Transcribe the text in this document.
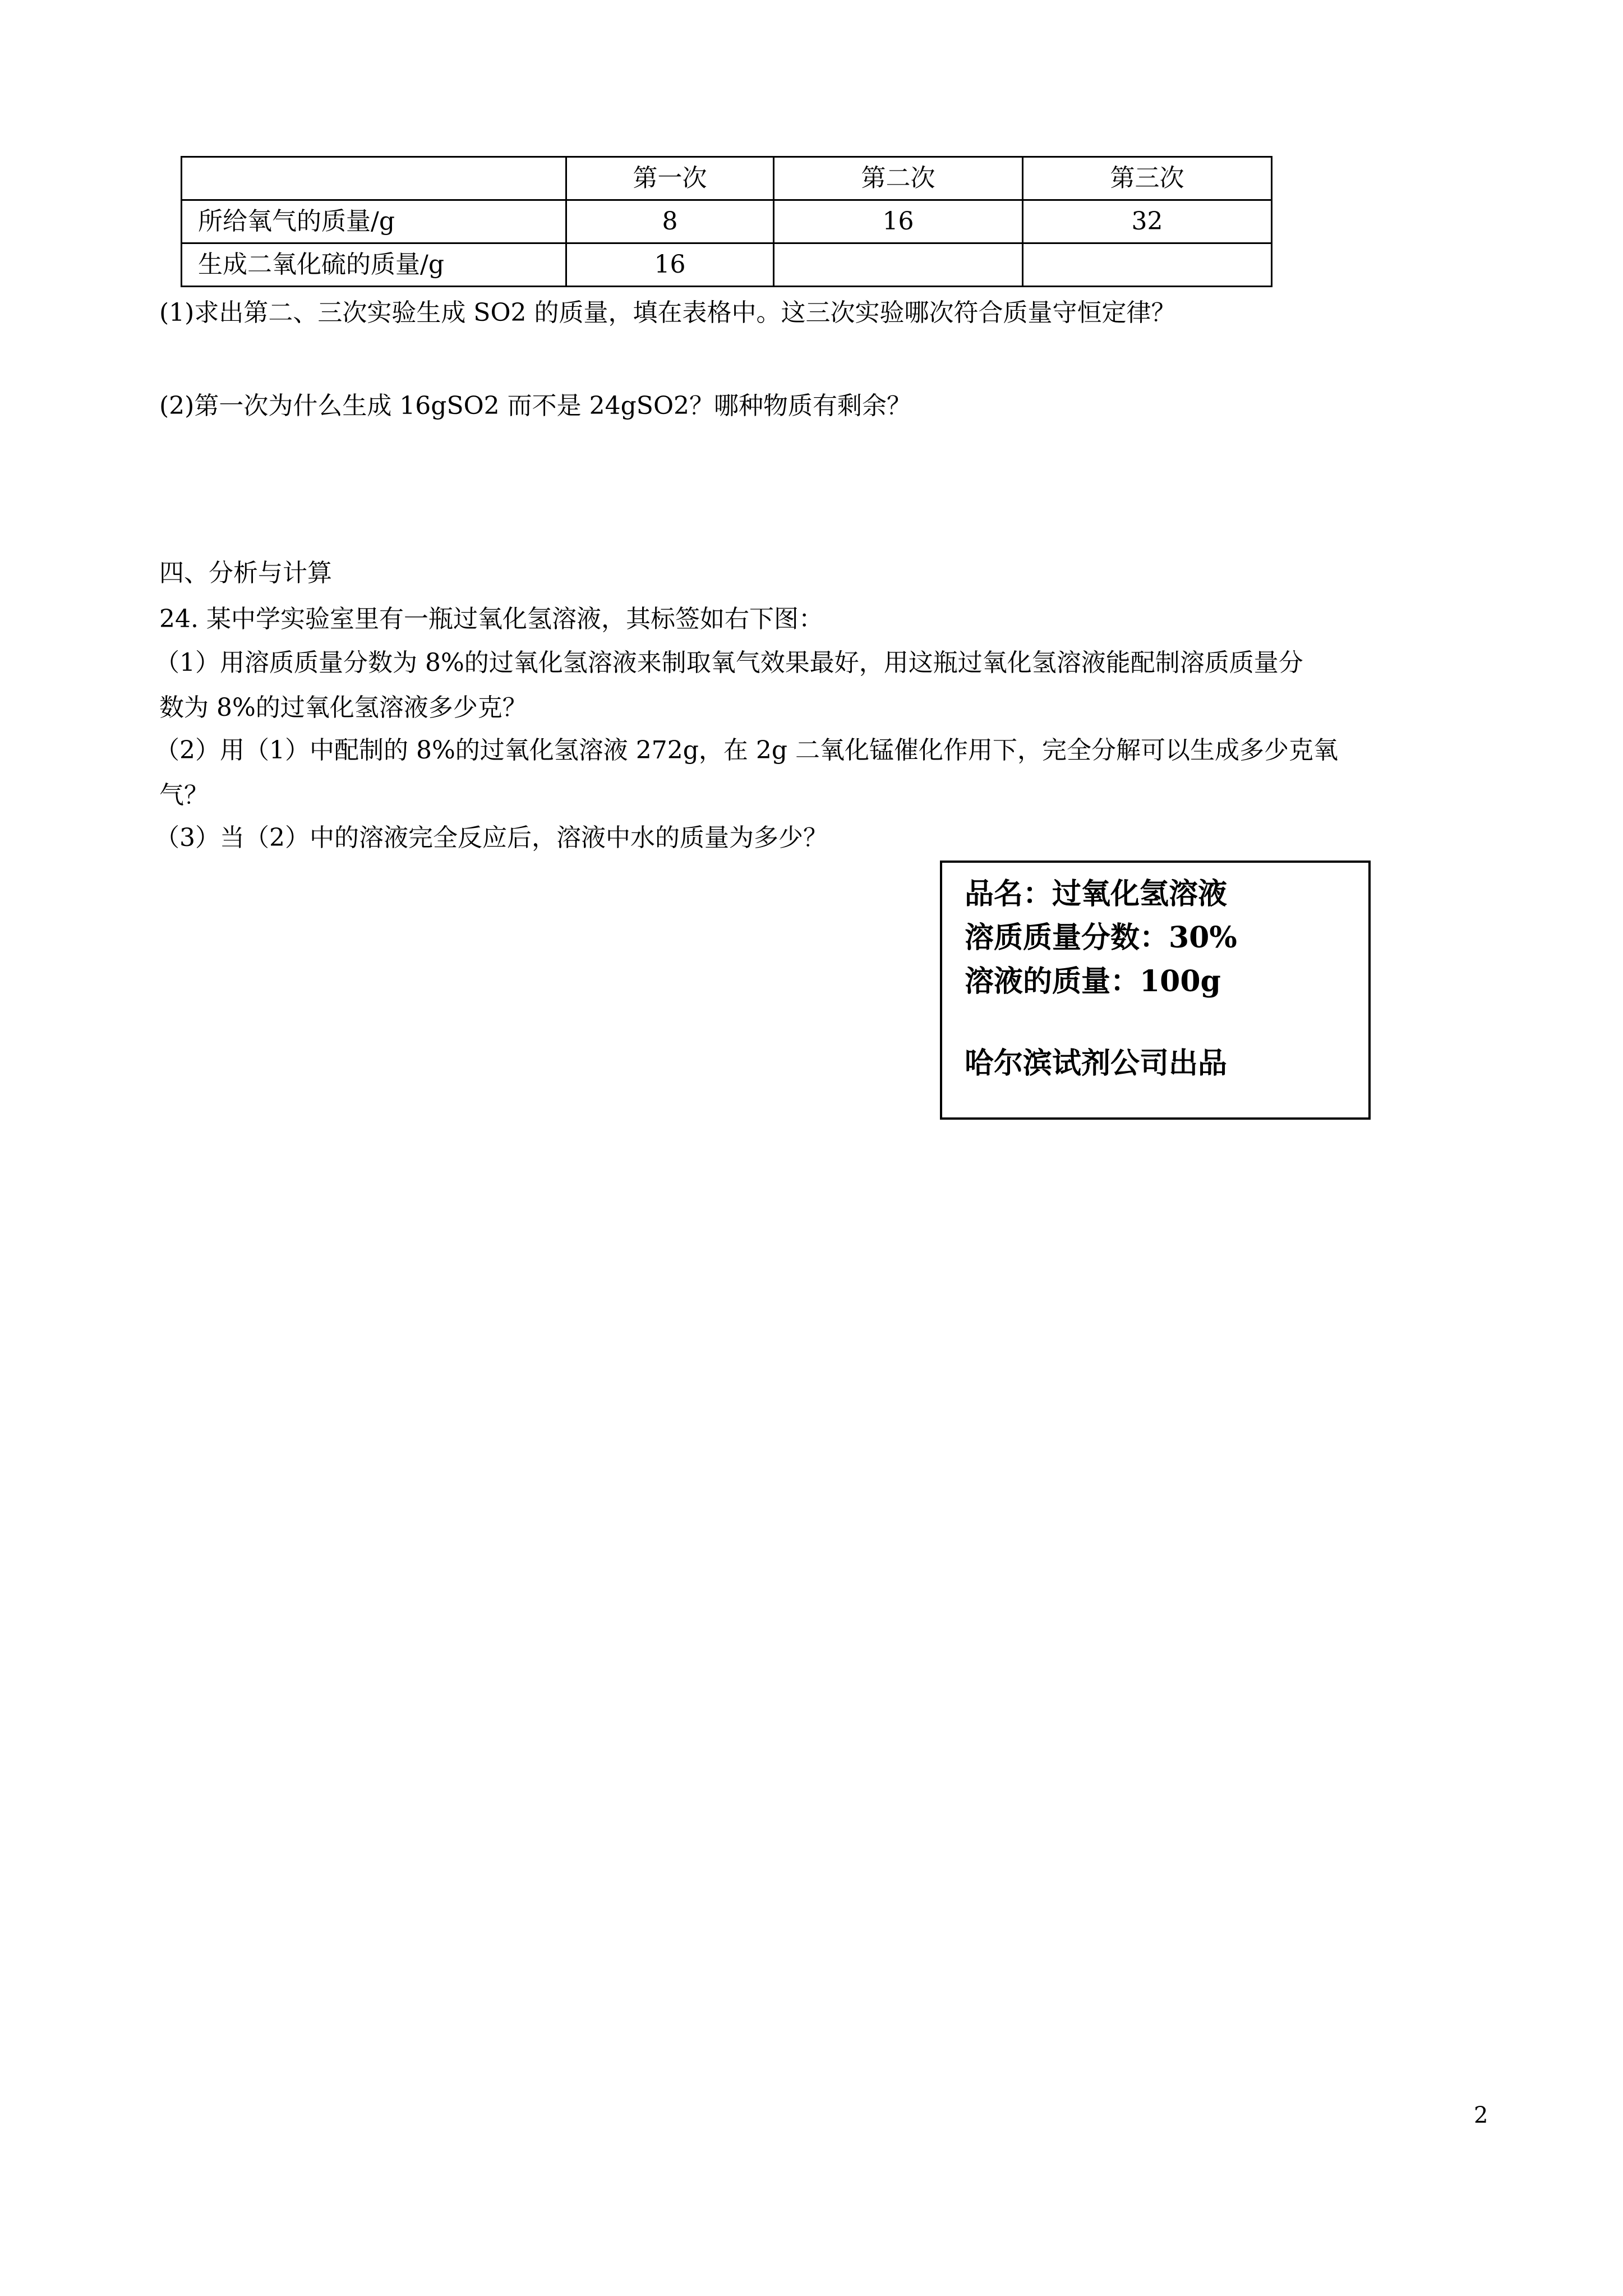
	第一次	第二次	第三次
所给氧气的质量/g	8	16	32
生成二氧化硫的质量/g	16		
(1)求出第二、三次实验生成 SO2 的质量，填在表格中。这三次实验哪次符合质量守恒定律？
(2)第一次为什么生成 16gSO2 而不是 24gSO2？哪种物质有剩余？
四、分析与计算
24. 某中学实验室里有一瓶过氧化氢溶液，其标签如右下图：
（1）用溶质质量分数为 8%的过氧化氢溶液来制取氧气效果最好，用这瓶过氧化氢溶液能配制溶质质量分
数为 8%的过氧化氢溶液多少克？
（2）用（1）中配制的 8%的过氧化氢溶液 272g，在 2g 二氧化锰催化作用下，完全分解可以生成多少克氧
气？
（3）当（2）中的溶液完全反应后，溶液中水的质量为多少？
品名：过氧化氢溶液
溶质质量分数：30%
溶液的质量：100g
哈尔滨试剂公司出品
2
